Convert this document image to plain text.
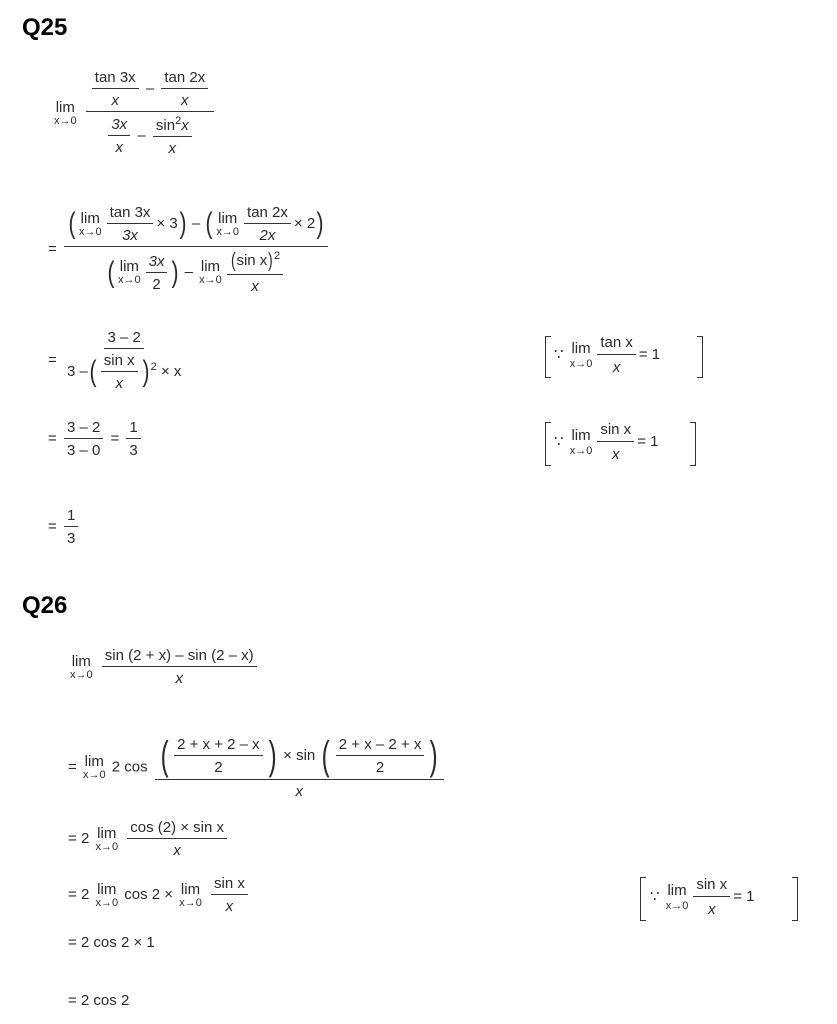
Q25
lim
x→0
$\frac{\frac{\tan 3x}{x} - \frac{\tan 2x}{x}}{\frac{3x}{x} - \frac{\sin^2x}{x}}$
= ( lim
$x\to 0 \frac{\tan 3x}{3x} \times 3$) – ( lim
$x\to 0 \frac{\tan 2x}{2x} \times 2$)
( lim
$x\to 0 \frac{3x}{2}$ ) – lim
$x\to 0 \frac{(\sin x)^2}{x}$
= $\frac{3 - 2}{3 -( \frac{\text{sin x}}{x} ) ^2 \times x}$	∵ lim
$x\to 0 \frac{\text{tan x}}{x} = 1$
= $\frac{3 - 2}{3 - 0} = \frac{1}{3}$	∵ lim
$x\to 0 \frac{\text{sin x}}{x} = 1$
= $\frac{1}{3}$
Q26
lim
x→0
$\frac{\sin (2 + x) - \sin (2 - x)}{x}$
= lim
x→0 2 $\cos \frac{( \frac{2 + x + 2 - x}{2} ) \times \sin ( \frac{2 + x - 2 + x}{2} )}{x}$
= 2 lim
x→0
$\frac{\text{cos (2) × sin x}}{x}$
= 2 lim
x→0 cos 2 × lim
x→0
$\frac{\text{sin x}}{x}$	∵ lim
$x\to 0 \frac{\text{sin x}}{x} = 1$
= 2 cos 2 × 1
= 2 cos 2
